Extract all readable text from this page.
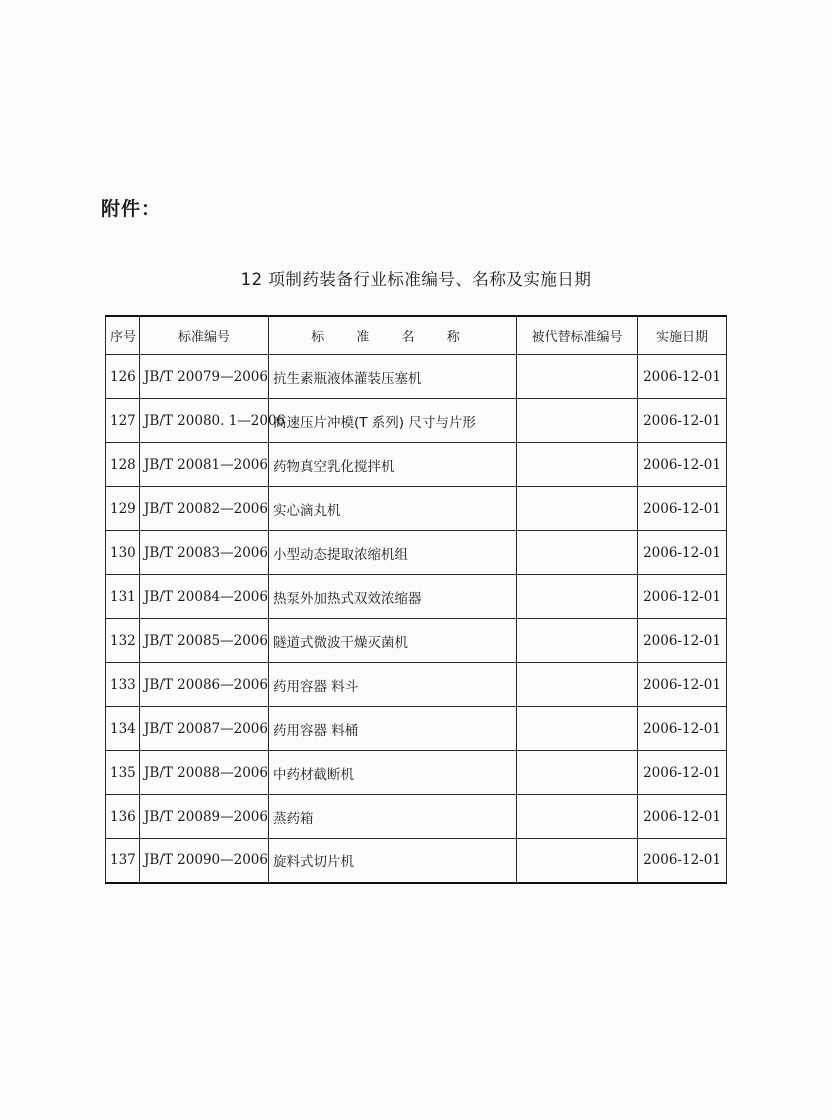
附件：
12 项制药装备行业标准编号、名称及实施日期
序号	标准编号	标 准 名 称	被代替标准编号	实施日期
126	JB/T 20079—2006	抗生素瓶液体灌装压塞机		2006-12-01
127	JB/T 20080. 1—2006	高速压片冲模(T 系列) 尺寸与片形		2006-12-01
128	JB/T 20081—2006	药物真空乳化搅拌机		2006-12-01
129	JB/T 20082—2006	实心滴丸机		2006-12-01
130	JB/T 20083—2006	小型动态提取浓缩机组		2006-12-01
131	JB/T 20084—2006	热泵外加热式双效浓缩器		2006-12-01
132	JB/T 20085—2006	隧道式微波干燥灭菌机		2006-12-01
133	JB/T 20086—2006	药用容器 料斗		2006-12-01
134	JB/T 20087—2006	药用容器 料桶		2006-12-01
135	JB/T 20088—2006	中药材截断机		2006-12-01
136	JB/T 20089—2006	蒸药箱		2006-12-01
137	JB/T 20090—2006	旋料式切片机		2006-12-01
